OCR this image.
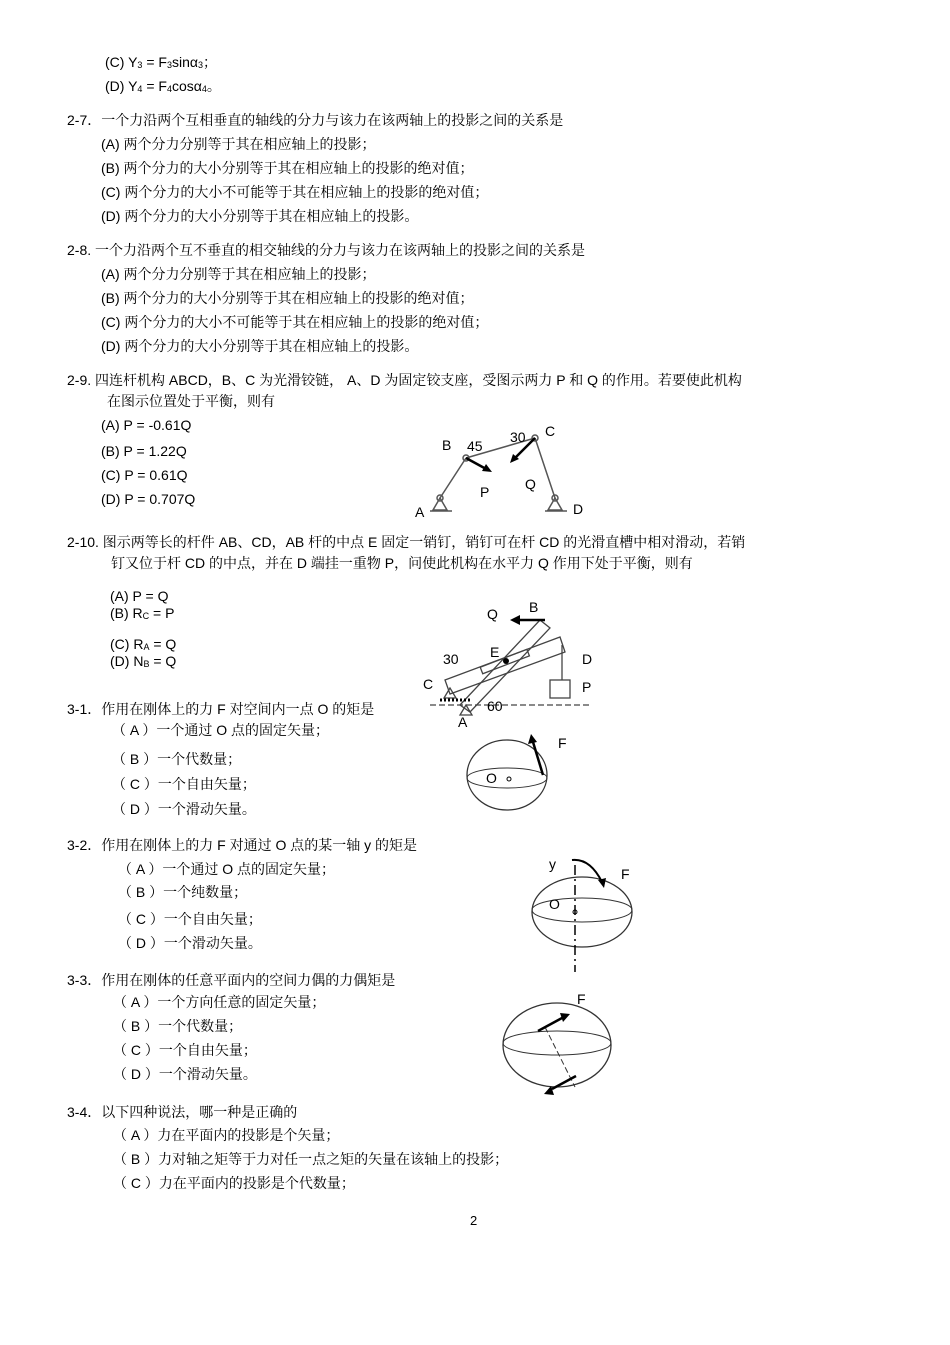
(C) $Y_3 = F_3\sin\alpha_3$；
(D) $Y_4 = F_4\cos\alpha_4$。
2-7．一个力沿两个互相垂直的轴线的分力与该力在该两轴上的投影之间的关系是
(A) 两个分力分别等于其在相应轴上的投影；
(B) 两个分力的大小分别等于其在相应轴上的投影的绝对值；
(C) 两个分力的大小不可能等于其在相应轴上的投影的绝对值；
(D) 两个分力的大小分别等于其在相应轴上的投影。
2-8. 一个力沿两个互不垂直的相交轴线的分力与该力在该两轴上的投影之间的关系是
(A) 两个分力分别等于其在相应轴上的投影；
(B) 两个分力的大小分别等于其在相应轴上的投影的绝对值；
(C) 两个分力的大小不可能等于其在相应轴上的投影的绝对值；
(D) 两个分力的大小分别等于其在相应轴上的投影。
2-9. 四连杆机构 ABCD，B、C 为光滑铰链， A、D 为固定铰支座，受图示两力 P 和 Q 的作用。若要使此机构
在图示位置处于平衡，则有
(A) P = -0.61Q
(B) P = 1.22Q
(C) P = 0.61Q
(D) P = 0.707Q
B 45
30 C
P	Q
A	D
2-10. 图示两等长的杆件 AB、CD，AB 杆的中点 E 固定一销钉，销钉可在杆 CD 的光滑直槽中相对滑动，若销
钉又位于杆 CD 的中点，并在 D 端挂一重物 P，问使此机构在水平力 Q 作用下处于平衡，则有
(A) P = Q
(B) $R_C = P$
(C) $R_A = Q$
(D) $N_B = Q$
Q B
30 E	D
C	P
60
A
3-1．作用在刚体上的力 F 对空间内一点 O 的矩是
（ A ）一个通过 O 点的固定矢量；
（ B ）一个代数量；
（ C ）一个自由矢量；
（ D ）一个滑动矢量。
F
O
3-2．作用在刚体上的力 F 对通过 O 点的某一轴 y 的矩是
（ A ）一个通过 O 点的固定矢量；
（ B ）一个纯数量；
（ C ）一个自由矢量；
（ D ）一个滑动矢量。
y
F
O
3-3．作用在刚体的任意平面内的空间力偶的力偶矩是
（ A ）一个方向任意的固定矢量；
（ B ）一个代数量；
（ C ）一个自由矢量；
（ D ）一个滑动矢量。
F
3-4．以下四种说法，哪一种是正确的
（ A ）力在平面内的投影是个矢量；
（ B ）力对轴之矩等于力对任一点之矩的矢量在该轴上的投影；
（ C ）力在平面内的投影是个代数量；
2
